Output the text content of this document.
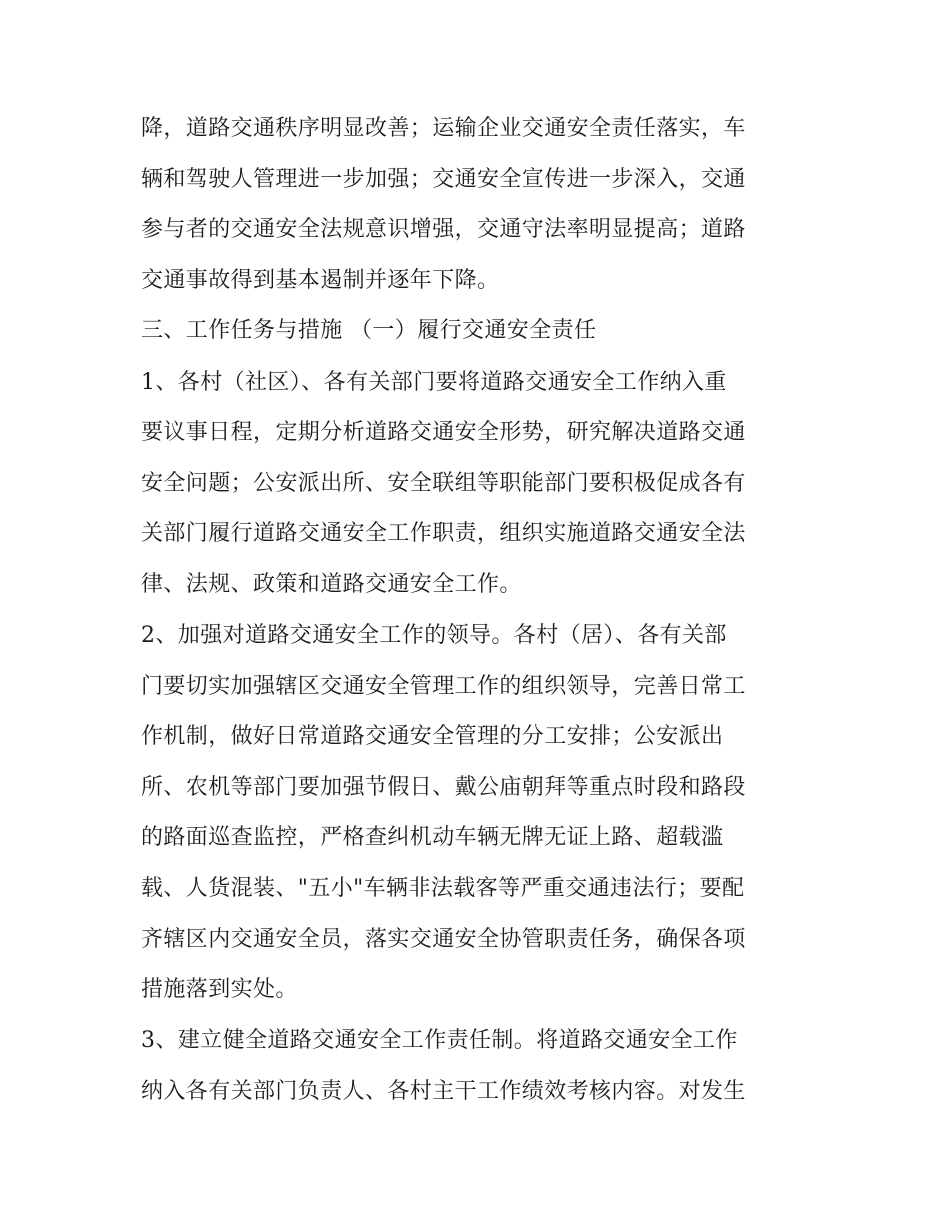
降，道路交通秩序明显改善；运输企业交通安全责任落实，车

辆和驾驶人管理进一步加强；交通安全宣传进一步深入，交通

参与者的交通安全法规意识增强，交通守法率明显提高；道路

交通事故得到基本遏制并逐年下降。

三、工作任务与措施 （一）履行交通安全责任

1、各村（社区）、各有关部门要将道路交通安全工作纳入重

要议事日程，定期分析道路交通安全形势，研究解决道路交通

安全问题；公安派出所、安全联组等职能部门要积极促成各有

关部门履行道路交通安全工作职责，组织实施道路交通安全法

律、法规、政策和道路交通安全工作。

2、加强对道路交通安全工作的领导。各村（居）、各有关部

门要切实加强辖区交通安全管理工作的组织领导，完善日常工

作机制，做好日常道路交通安全管理的分工安排；公安派出

所、农机等部门要加强节假日、戴公庙朝拜等重点时段和路段

的路面巡查监控，严格查纠机动车辆无牌无证上路、超载滥

载、人货混装、"五小"车辆非法载客等严重交通违法行；要配

齐辖区内交通安全员，落实交通安全协管职责任务，确保各项

措施落到实处。

3、建立健全道路交通安全工作责任制。将道路交通安全工作

纳入各有关部门负责人、各村主干工作绩效考核内容。对发生
